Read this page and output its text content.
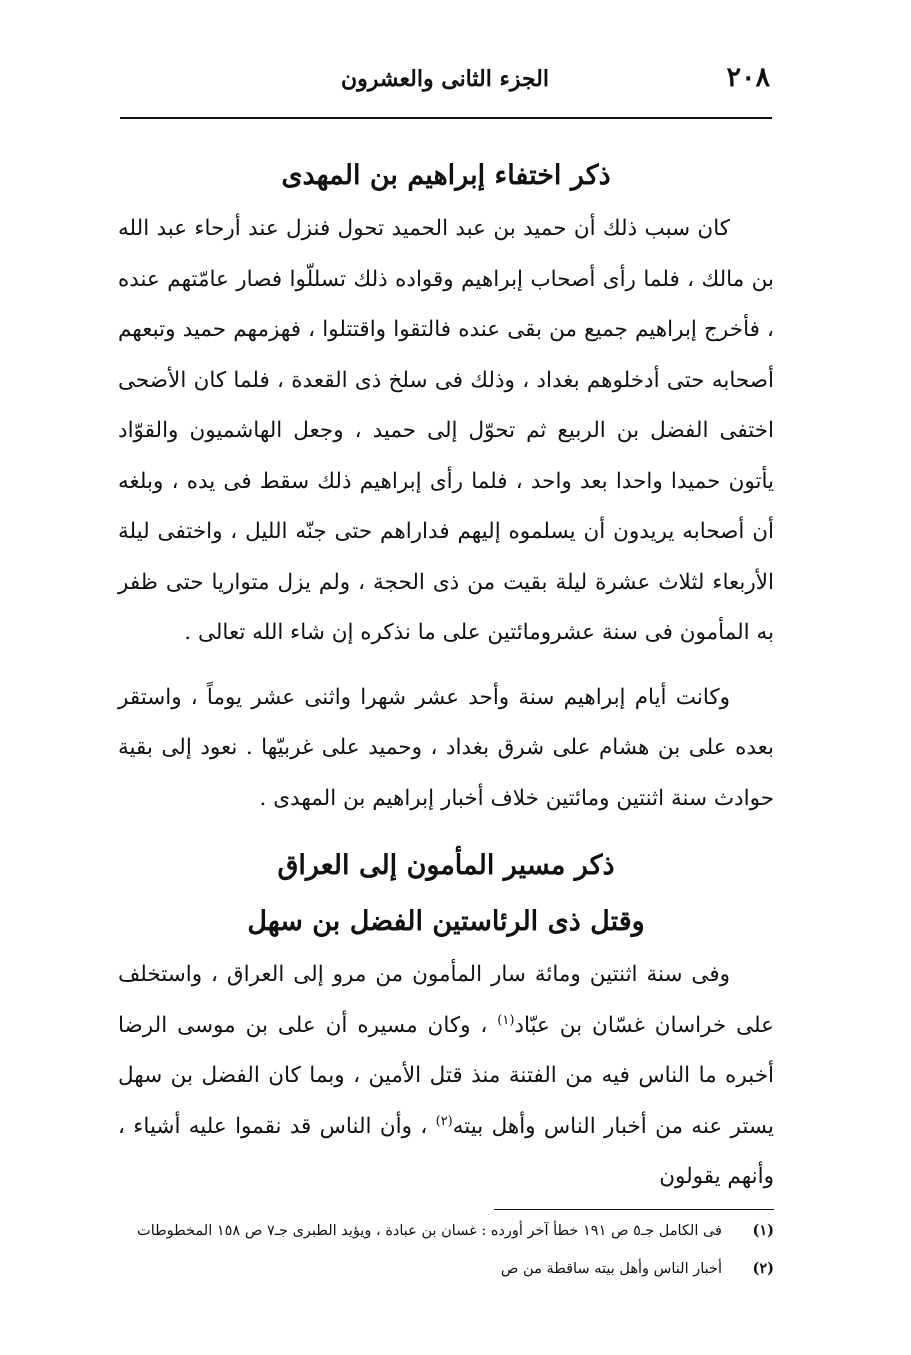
٢٠٨
الجزء الثانى والعشرون
ذكر اختفاء إبراهيم بن المهدى

كان سبب ذلك أن حميد بن عبد الحميد تحول فنزل عند أرحاء عبد الله بن مالك ، فلما رأى أصحاب إبراهيم وقواده ذلك تسللّوا فصار عامّتهم عنده ، فأخرج إبراهيم جميع من بقى عنده فالتقوا واقتتلوا ، فهزمهم حميد وتبعهم أصحابه حتى أدخلوهم بغداد ، وذلك فى سلخ ذى القعدة ، فلما كان الأضحى اختفى الفضل بن الربيع ثم تحوّل إلى حميد ، وجعل الهاشميون والقوّاد يأتون حميدا واحدا بعد واحد ، فلما رأى إبراهيم ذلك سقط فى يده ، وبلغه أن أصحابه يريدون أن يسلموه إليهم فداراهم حتى جنّه الليل ، واختفى ليلة الأربعاء لثلاث عشرة ليلة بقيت من ذى الحجة ، ولم يزل متواريا حتى ظفر به المأمون فى سنة عشرومائتين على ما نذكره إن شاء الله تعالى .

وكانت أيام إبراهيم سنة وأحد عشر شهرا واثنى عشر يوماً ، واستقر بعده على بن هشام على شرق بغداد ، وحميد على غربيّها . نعود إلى بقية حوادث سنة اثنتين ومائتين خلاف أخبار إبراهيم بن المهدى .

ذكر مسير المأمون إلى العراق
وقتل ذى الرئاستين الفضل بن سهل

وفى سنة اثنتين ومائة سار المأمون من مرو إلى العراق ، واستخلف على خراسان غسّان بن عبّاد$^{(١)}$ ، وكان مسيره أن على بن موسى الرضا أخبره ما الناس فيه من الفتنة منذ قتل الأمين ، وبما كان الفضل بن سهل يستر عنه من أخبار الناس وأهل بيته$^{(٢)}$ ، وأن الناس قد نقموا عليه أشياء ، وأنهم يقولون

(١)
فى الكامل جـ٥ ص ١٩١ خطأ آخر أورده : غسان بن عبادة ، ويؤيد الطبرى جـ٧ ص ١٥٨ المخطوطات
(٢)
أخبار الناس وأهل بيته ساقطة من ص
